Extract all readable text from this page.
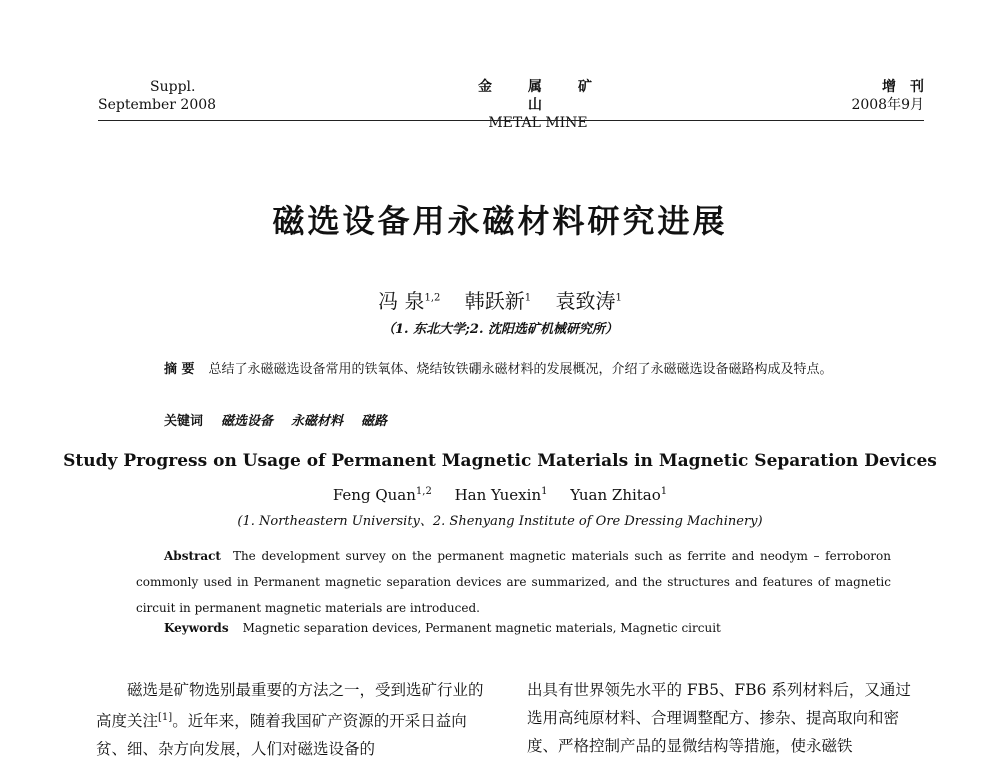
Suppl.
September 2008
金属矿山
METAL MINE
增刊
2008年9月
磁选设备用永磁材料研究进展
冯 泉$^{1,2}$ 韩跃新$^1$ 袁致涛$^1$
（1. 东北大学;2. 沈阳选矿机械研究所）
摘 要 总结了永磁磁选设备常用的铁氧体、烧结钕铁硼永磁材料的发展概况，介绍了永磁磁选设备磁路构成及特点。
关键词 磁选设备 永磁材料 磁路
Study Progress on Usage of Permanent Magnetic Materials in Magnetic Separation Devices
Feng Quan$^{1,2}$ Han Yuexin$^1$ Yuan Zhitao$^1$
(1. Northeastern University、2. Shenyang Institute of Ore Dressing Machinery)
Abstract The development survey on the permanent magnetic materials such as ferrite and neodym – ferroboron commonly used in Permanent magnetic separation devices are summarized, and the structures and features of magnetic circuit in permanent magnetic materials are introduced.
Keywords Magnetic separation devices, Permanent magnetic materials, Magnetic circuit
磁选是矿物选别最重要的方法之一，受到选矿行业的高度关注[1]。近年来，随着我国矿产资源的开采日益向贫、细、杂方向发展，人们对磁选设备的
出具有世界领先水平的 FB5、FB6 系列材料后，又通过选用高纯原材料、合理调整配方、掺杂、提高取向和密度、严格控制产品的显微结构等措施，使永磁铁
